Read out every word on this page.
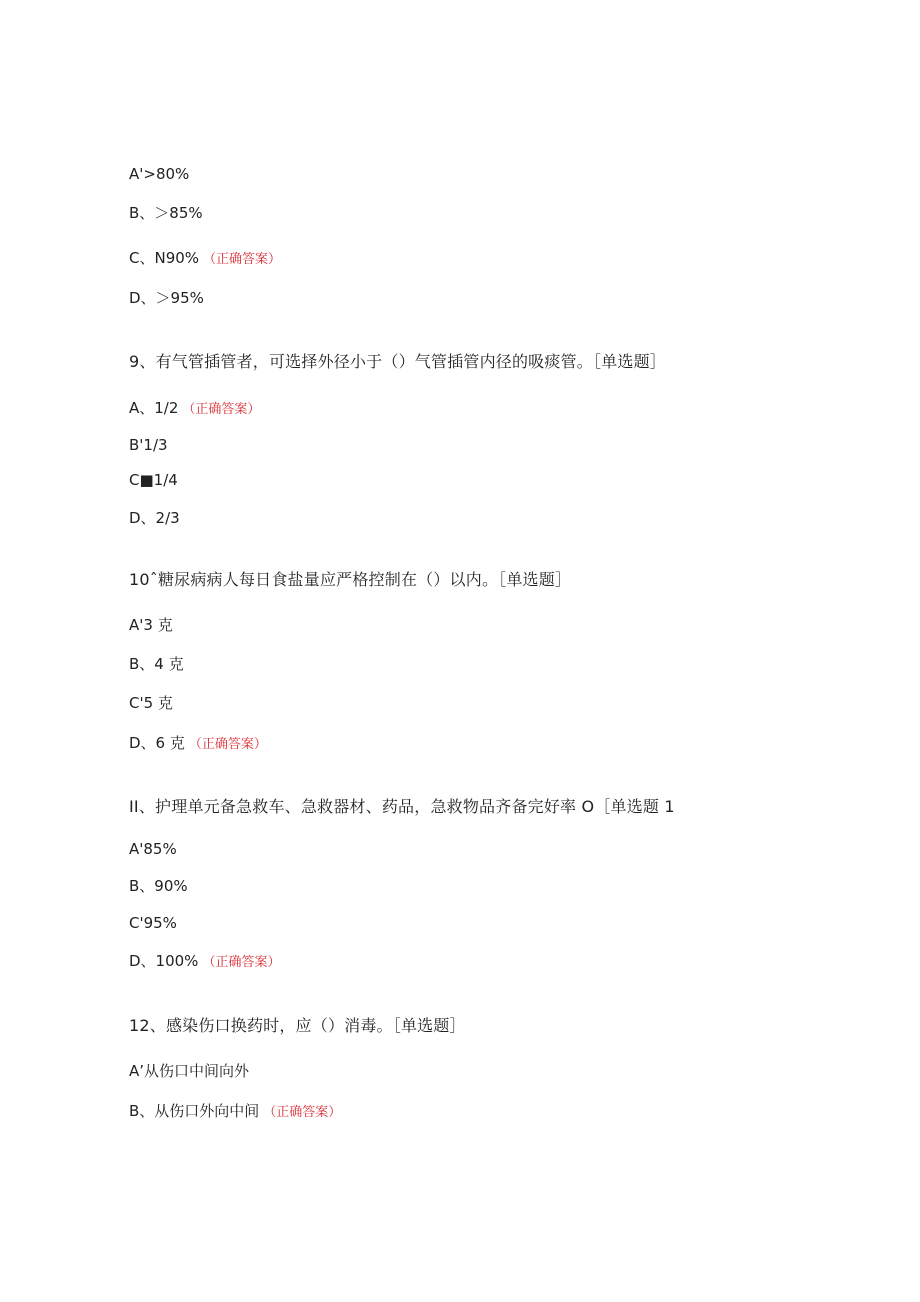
A'>80%
B、＞85%
C、N90% （正确答案）
D、＞95%
9、有气管插管者，可选择外径小于（）气管插管内径的吸痰管。［单选题］
A、1/2 （正确答案）
B'1/3
C■1/4
D、2/3
10ˆ糖尿病病人每日食盐量应严格控制在（）以内。［单选题］
A'3 克
B、4 克
C'5 克
D、6 克 （正确答案）
II、护理单元备急救车、急救器材、药品，急救物品齐备完好率 O［单选题 1
A'85%
B、90%
C'95%
D、100% （正确答案）
12、感染伤口换药时，应（）消毒。［单选题］
A’从伤口中间向外
B、从伤口外向中间 （正确答案）
